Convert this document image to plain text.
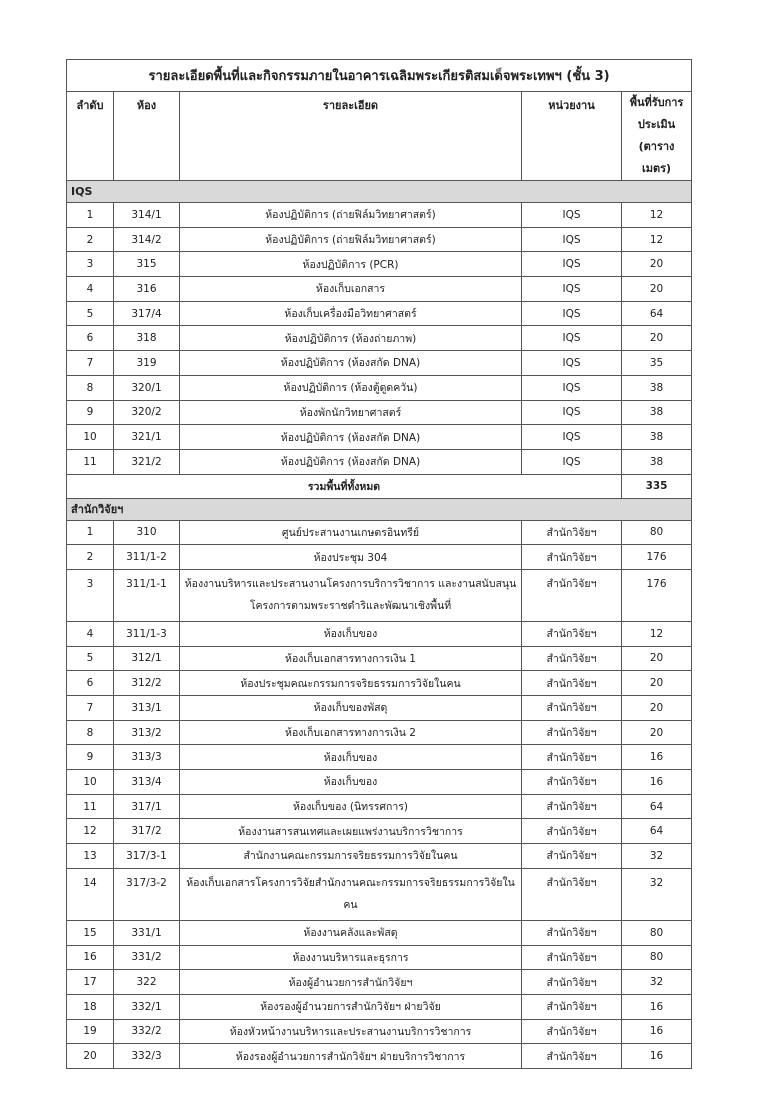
รายละเอียดพื้นที่และกิจกรรมภายในอาคารเฉลิมพระเกียรติสมเด็จพระเทพฯ (ชั้น 3)				
ลำดับ	ห้อง	รายละเอียด	หน่วยงาน	พื้นที่รับการประเมิน
(ตารางเมตร)

IQS				
1	314/1	ห้องปฏิบัติการ (ถ่ายฟิล์มวิทยาศาสตร์)	IQS	12
2	314/2	ห้องปฏิบัติการ (ถ่ายฟิล์มวิทยาศาสตร์)	IQS	12
3	315	ห้องปฏิบัติการ (PCR)	IQS	20
4	316	ห้องเก็บเอกสาร	IQS	20
5	317/4	ห้องเก็บเครื่องมือวิทยาศาสตร์	IQS	64
6	318	ห้องปฏิบัติการ (ห้องถ่ายภาพ)	IQS	20
7	319	ห้องปฏิบัติการ (ห้องสกัด DNA)	IQS	35
8	320/1	ห้องปฏิบัติการ (ห้องตู้ดูดควัน)	IQS	38
9	320/2	ห้องพักนักวิทยาศาสตร์	IQS	38
10	321/1	ห้องปฏิบัติการ (ห้องสกัด DNA)	IQS	38
11	321/2	ห้องปฏิบัติการ (ห้องสกัด DNA)	IQS	38
รวมพื้นที่ทั้งหมด				335
สำนักวิจัยฯ				
1	310	ศูนย์ประสานงานเกษตรอินทรีย์	สำนักวิจัยฯ	80
2	311/1-2	ห้องประชุม 304	สำนักวิจัยฯ	176
3	311/1-1	ห้องงานบริหารและประสานงานโครงการบริการวิชาการ และงานสนับสนุนโครงการตามพระราชดำริและพัฒนาเชิงพื้นที่	สำนักวิจัยฯ	176
4	311/1-3	ห้องเก็บของ	สำนักวิจัยฯ	12
5	312/1	ห้องเก็บเอกสารทางการเงิน 1	สำนักวิจัยฯ	20
6	312/2	ห้องประชุมคณะกรรมการจริยธรรมการวิจัยในคน	สำนักวิจัยฯ	20
7	313/1	ห้องเก็บของพัสดุ	สำนักวิจัยฯ	20
8	313/2	ห้องเก็บเอกสารทางการเงิน 2	สำนักวิจัยฯ	20
9	313/3	ห้องเก็บของ	สำนักวิจัยฯ	16
10	313/4	ห้องเก็บของ	สำนักวิจัยฯ	16
11	317/1	ห้องเก็บของ (นิทรรศการ)	สำนักวิจัยฯ	64
12	317/2	ห้องงานสารสนเทศและเผยแพร่งานบริการวิชาการ	สำนักวิจัยฯ	64
13	317/3-1	สำนักงานคณะกรรมการจริยธรรมการวิจัยในคน	สำนักวิจัยฯ	32
14	317/3-2	ห้องเก็บเอกสารโครงการวิจัยสำนักงานคณะกรรมการจริยธรรมการวิจัยในคน	สำนักวิจัยฯ	32
15	331/1	ห้องงานคลังและพัสดุ	สำนักวิจัยฯ	80
16	331/2	ห้องงานบริหารและธุรการ	สำนักวิจัยฯ	80
17	322	ห้องผู้อำนวยการสำนักวิจัยฯ	สำนักวิจัยฯ	32
18	332/1	ห้องรองผู้อำนวยการสำนักวิจัยฯ ฝ่ายวิจัย	สำนักวิจัยฯ	16
19	332/2	ห้องหัวหน้างานบริหารและประสานงานบริการวิชาการ	สำนักวิจัยฯ	16
20	332/3	ห้องรองผู้อำนวยการสำนักวิจัยฯ ฝ่ายบริการวิชาการ	สำนักวิจัยฯ	16
